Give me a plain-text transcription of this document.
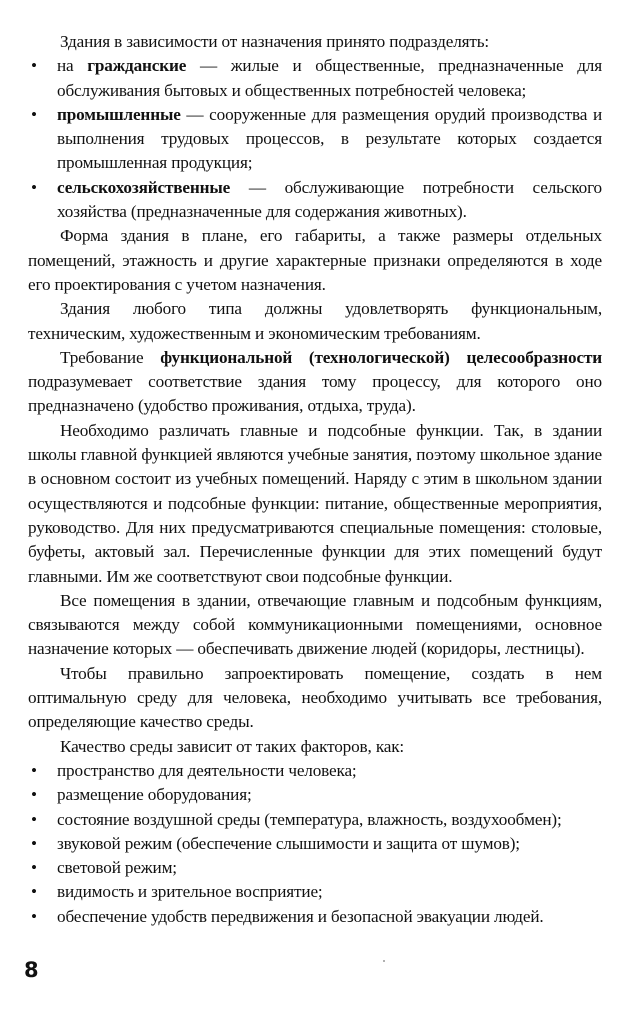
Здания в зависимости от назначения принято подразделять:

• на гражданские — жилые и общественные, предназначенные для обслуживания бытовых и общественных потребностей человека;
• промышленные — сооруженные для размещения орудий производства и выполнения трудовых процессов, в результате которых создается промышленная продукция;
• сельскохозяйственные — обслуживающие потребности сельского хозяйства (предназначенные для содержания животных).

Форма здания в плане, его габариты, а также размеры отдельных помещений, этажность и другие характерные признаки определяются в ходе его проектирования с учетом назначения.

Здания любого типа должны удовлетворять функциональным, техническим, художественным и экономическим требованиям.

Требование функциональной (технологической) целесообразности подразумевает соответствие здания тому процессу, для которого оно предназначено (удобство проживания, отдыха, труда).

Необходимо различать главные и подсобные функции. Так, в здании школы главной функцией являются учебные занятия, поэтому школьное здание в основном состоит из учебных помещений. Наряду с этим в школьном здании осуществляются и подсобные функции: питание, общественные мероприятия, руководство. Для них предусматриваются специальные помещения: столовые, буфеты, актовый зал. Перечисленные функции для этих помещений будут главными. Им же соответствуют свои подсобные функции.

Все помещения в здании, отвечающие главным и подсобным функциям, связываются между собой коммуникационными помещениями, основное назначение которых — обеспечивать движение людей (коридоры, лестницы).

Чтобы правильно запроектировать помещение, создать в нем оптимальную среду для человека, необходимо учитывать все требования, определяющие качество среды.

Качество среды зависит от таких факторов, как:

• пространство для деятельности человека;
• размещение оборудования;
• состояние воздушной среды (температура, влажность, воздухообмен);
• звуковой режим (обеспечение слышимости и защита от шумов);
• световой режим;
• видимость и зрительное восприятие;
• обеспечение удобств передвижения и безопасной эвакуации людей.
8
